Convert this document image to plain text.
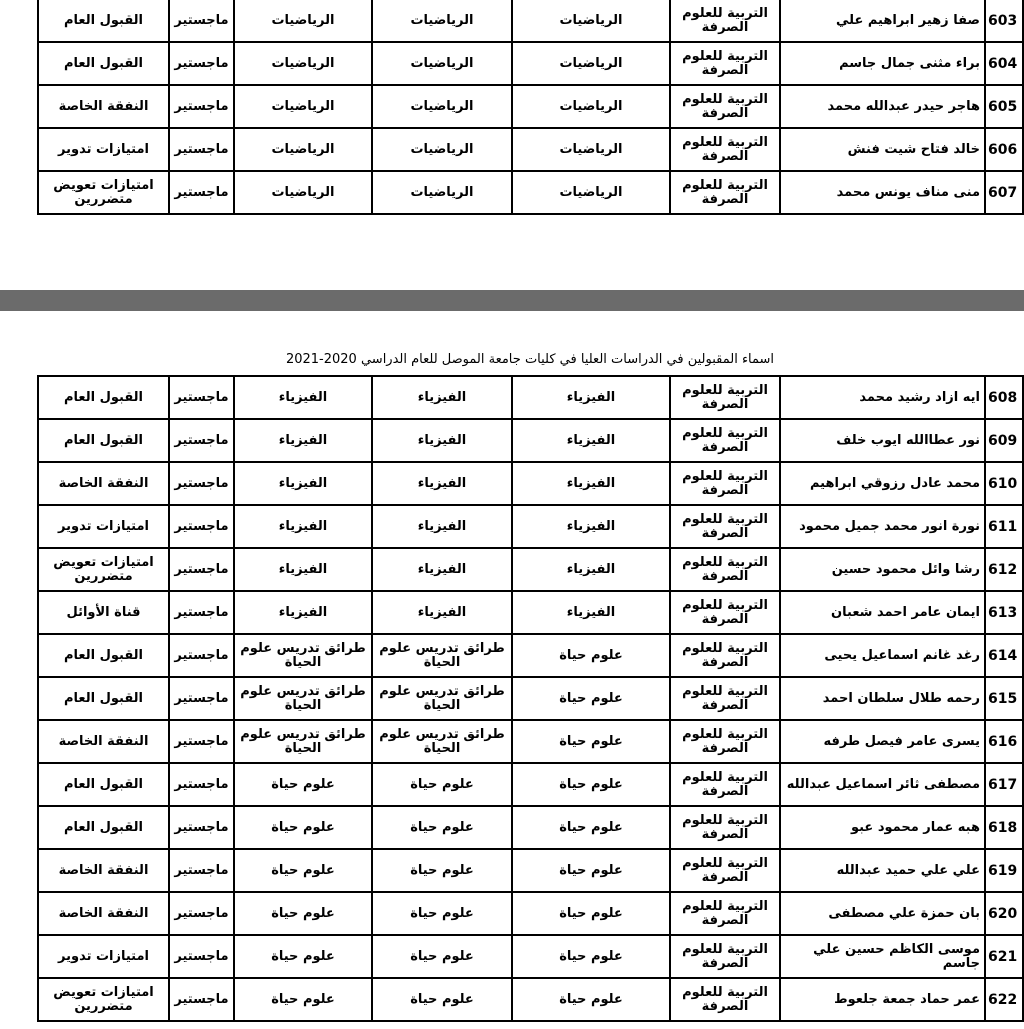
603	صفا زهير ابراهيم علي	التربية للعلوم الصرفة	الرياضيات	الرياضيات	الرياضيات	ماجستير	القبول العام
604	براء مثنى جمال جاسم	التربية للعلوم الصرفة	الرياضيات	الرياضيات	الرياضيات	ماجستير	القبول العام
605	هاجر حيدر عبدالله محمد	التربية للعلوم الصرفة	الرياضيات	الرياضيات	الرياضيات	ماجستير	النفقة الخاصة
606	خالد فتاح شيت فنش	التربية للعلوم الصرفة	الرياضيات	الرياضيات	الرياضيات	ماجستير	امتيازات تدوير
607	منى مناف يونس محمد	التربية للعلوم الصرفة	الرياضيات	الرياضيات	الرياضيات	ماجستير	امتيازات تعويض متضررين
اسماء المقبولين في الدراسات العليا في كليات جامعة الموصل للعام الدراسي 2020-2021
608	ايه ازاد رشيد محمد	التربية للعلوم الصرفة	الفيزياء	الفيزياء	الفيزياء	ماجستير	القبول العام
609	نور عطاالله ايوب خلف	التربية للعلوم الصرفة	الفيزياء	الفيزياء	الفيزياء	ماجستير	القبول العام
610	محمد عادل رزوقي ابراهيم	التربية للعلوم الصرفة	الفيزياء	الفيزياء	الفيزياء	ماجستير	النفقة الخاصة
611	نورة انور محمد جميل محمود	التربية للعلوم الصرفة	الفيزياء	الفيزياء	الفيزياء	ماجستير	امتيازات تدوير
612	رشا وائل محمود حسين	التربية للعلوم الصرفة	الفيزياء	الفيزياء	الفيزياء	ماجستير	امتيازات تعويض متضررين
613	ايمان عامر احمد شعبان	التربية للعلوم الصرفة	الفيزياء	الفيزياء	الفيزياء	ماجستير	قناة الأوائل
614	رغد غانم اسماعيل يحيى	التربية للعلوم الصرفة	علوم حياة	طرائق تدريس علوم الحياة	طرائق تدريس علوم الحياة	ماجستير	القبول العام
615	رحمه طلال سلطان احمد	التربية للعلوم الصرفة	علوم حياة	طرائق تدريس علوم الحياة	طرائق تدريس علوم الحياة	ماجستير	القبول العام
616	يسرى عامر فيصل طرفه	التربية للعلوم الصرفة	علوم حياة	طرائق تدريس علوم الحياة	طرائق تدريس علوم الحياة	ماجستير	النفقة الخاصة
617	مصطفى ثائر اسماعيل عبدالله	التربية للعلوم الصرفة	علوم حياة	علوم حياة	علوم حياة	ماجستير	القبول العام
618	هبه عمار محمود عبو	التربية للعلوم الصرفة	علوم حياة	علوم حياة	علوم حياة	ماجستير	القبول العام
619	علي علي حميد عبدالله	التربية للعلوم الصرفة	علوم حياة	علوم حياة	علوم حياة	ماجستير	النفقة الخاصة
620	بان حمزة علي مصطفى	التربية للعلوم الصرفة	علوم حياة	علوم حياة	علوم حياة	ماجستير	النفقة الخاصة
621	موسى الكاظم حسين علي جاسم	التربية للعلوم الصرفة	علوم حياة	علوم حياة	علوم حياة	ماجستير	امتيازات تدوير
622	عمر حماد جمعة جلعوط	التربية للعلوم الصرفة	علوم حياة	علوم حياة	علوم حياة	ماجستير	امتيازات تعويض متضررين
